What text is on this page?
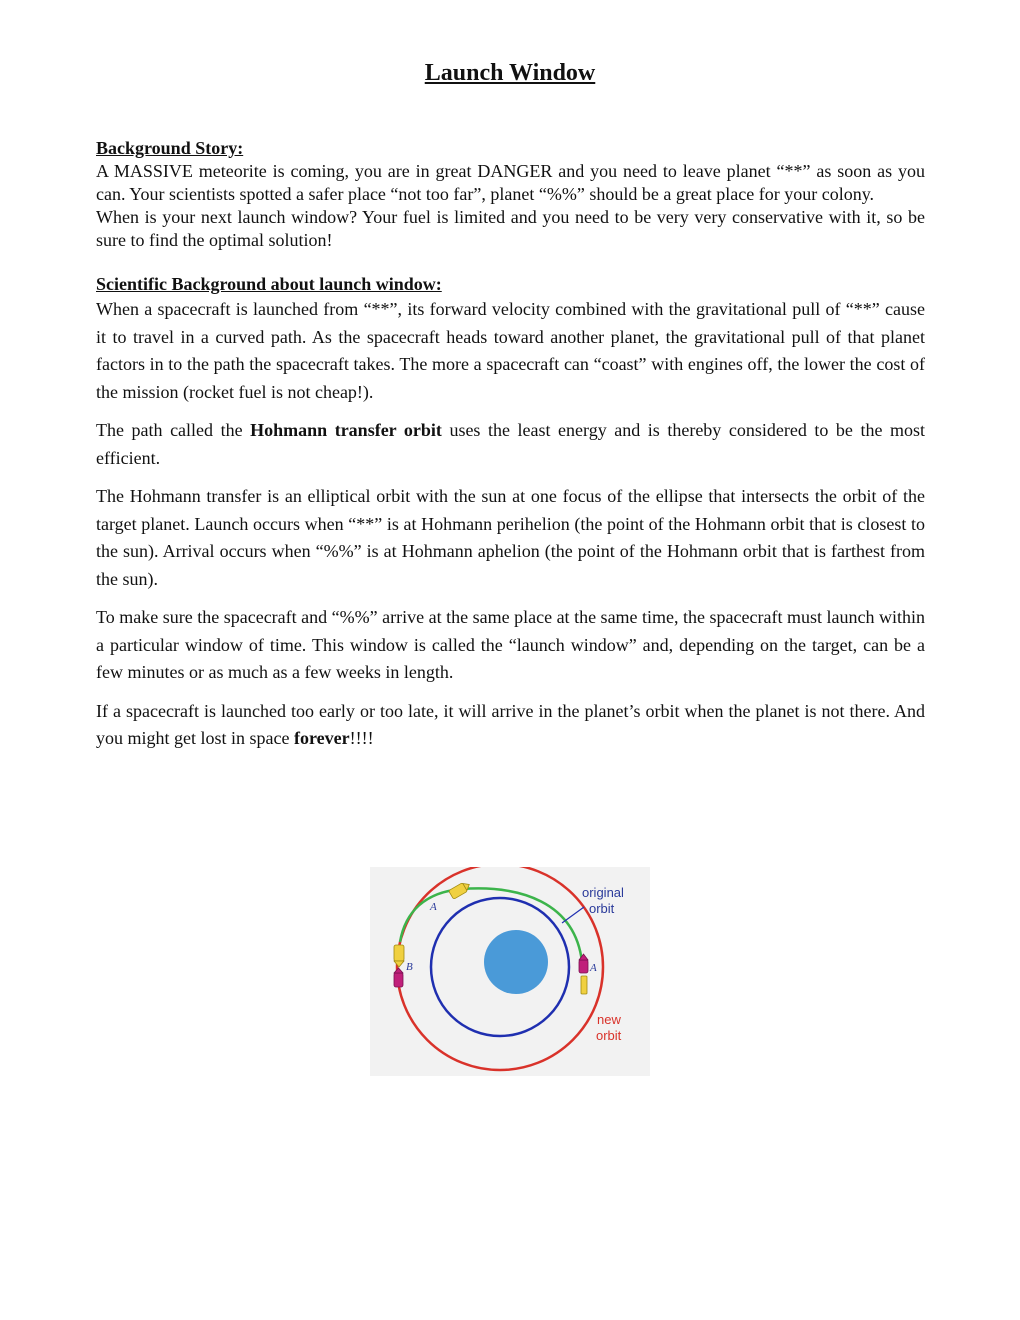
Launch Window

Background Story:

A MASSIVE meteorite is coming, you are in great DANGER and you need to leave planet “**” as soon as you can. Your scientists spotted a safer place “not too far”, planet “%%” should be a great place for your colony.

When is your next launch window? Your fuel is limited and you need to be very very conservative with it, so be sure to find the optimal solution!

Scientific Background about launch window:

When a spacecraft is launched from “**”, its forward velocity combined with the gravitational pull of “**” cause it to travel in a curved path. As the spacecraft heads toward another planet, the gravitational pull of that planet factors in to the path the spacecraft takes. The more a spacecraft can “coast” with engines off, the lower the cost of the mission (rocket fuel is not cheap!).

The path called the Hohmann transfer orbit uses the least energy and is thereby considered to be the most efficient.

The Hohmann transfer is an elliptical orbit with the sun at one focus of the ellipse that intersects the orbit of the target planet. Launch occurs when “**” is at Hohmann perihelion (the point of the Hohmann orbit that is closest to the sun). Arrival occurs when “%%” is at Hohmann aphelion (the point of the Hohmann orbit that is farthest from the sun).

To make sure the spacecraft and “%%” arrive at the same place at the same time, the spacecraft must launch within a particular window of time. This window is called the “launch window” and, depending on the target, can be a few minutes or as much as a few weeks in length.

If a spacecraft is launched too early or too late, it will arrive in the planet’s orbit when the planet is not there. And you might get lost in space forever!!!!

A
B	A
original
orbit
new
orbit
